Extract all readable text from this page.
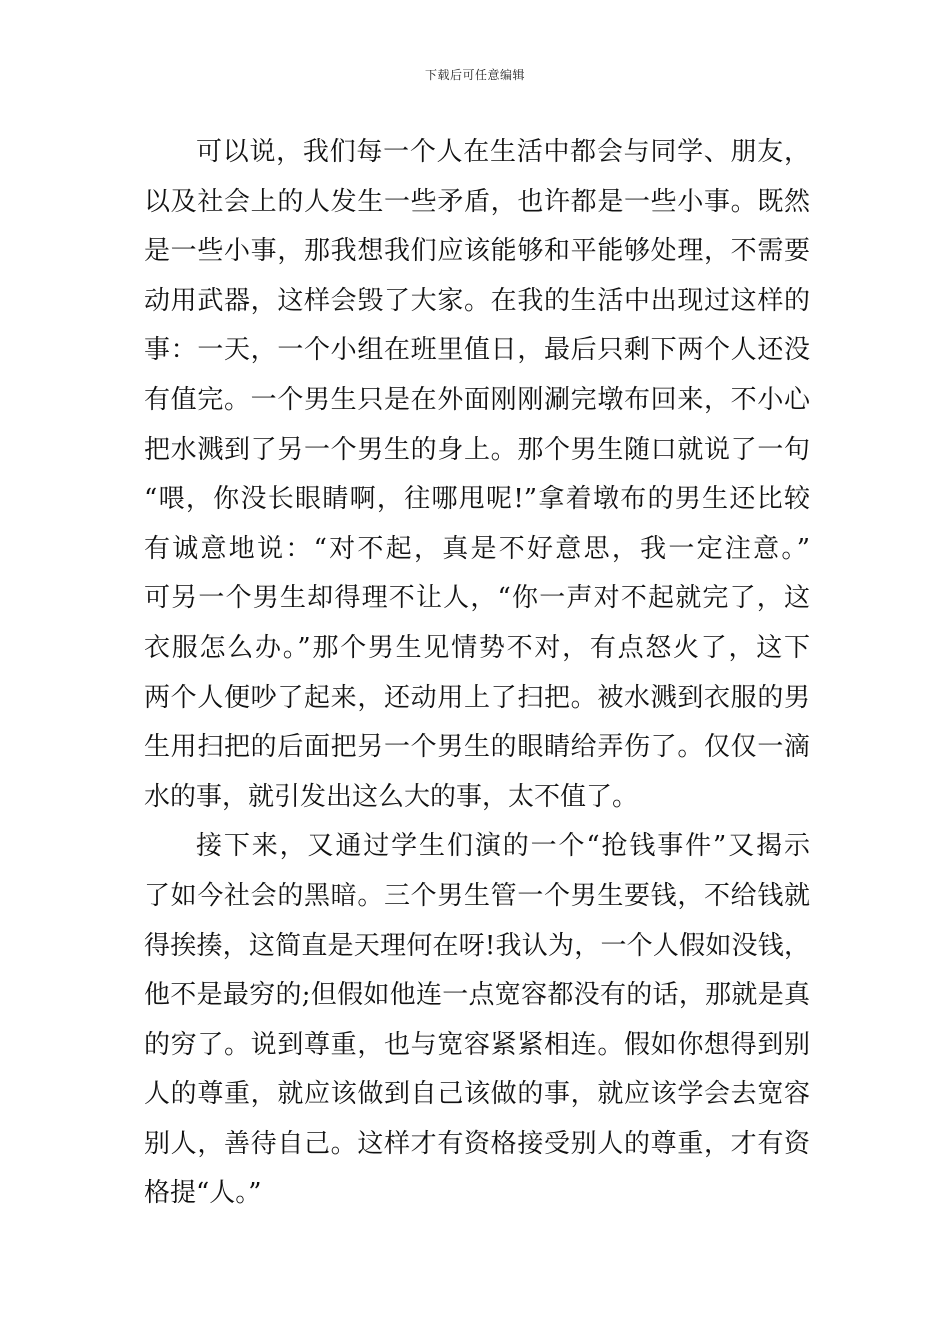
下载后可任意编辑
可以说，我们每一个人在生活中都会与同学、朋友，
以及社会上的人发生一些矛盾，也许都是一些小事。既然
是一些小事，那我想我们应该能够和平能够处理，不需要
动用武器，这样会毁了大家。在我的生活中出现过这样的
事：一天，一个小组在班里值日，最后只剩下两个人还没
有值完。一个男生只是在外面刚刚涮完墩布回来，不小心
把水溅到了另一个男生的身上。那个男生随口就说了一句
“喂，你没长眼睛啊，往哪甩呢!”拿着墩布的男生还比较
有诚意地说：“对不起，真是不好意思，我一定注意。”
可另一个男生却得理不让人，“你一声对不起就完了，这
衣服怎么办。”那个男生见情势不对，有点怒火了，这下
两个人便吵了起来，还动用上了扫把。被水溅到衣服的男
生用扫把的后面把另一个男生的眼睛给弄伤了。仅仅一滴
水的事，就引发出这么大的事，太不值了。
接下来，又通过学生们演的一个“抢钱事件”又揭示
了如今社会的黑暗。三个男生管一个男生要钱，不给钱就
得挨揍，这简直是天理何在呀!我认为，一个人假如没钱，
他不是最穷的;但假如他连一点宽容都没有的话，那就是真
的穷了。说到尊重，也与宽容紧紧相连。假如你想得到别
人的尊重，就应该做到自己该做的事，就应该学会去宽容
别人，善待自己。这样才有资格接受别人的尊重，才有资
格提“人。”
